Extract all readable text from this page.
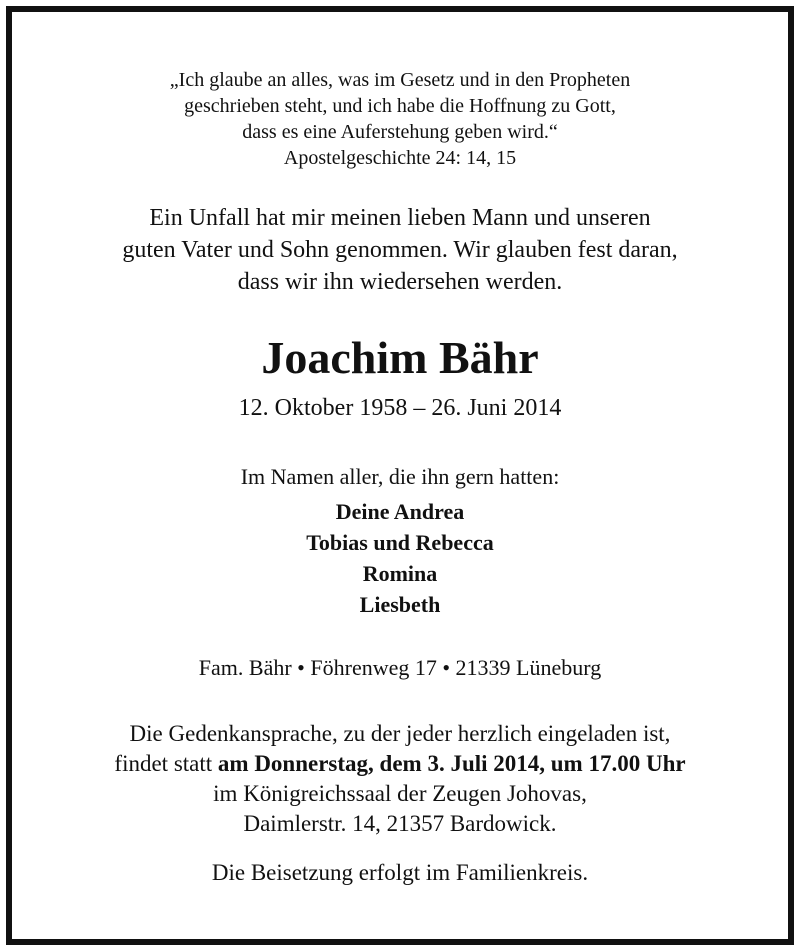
„Ich glaube an alles, was im Gesetz und in den Propheten
geschrieben steht, und ich habe die Hoffnung zu Gott,
dass es eine Auferstehung geben wird.“
Apostelgeschichte 24: 14, 15
Ein Unfall hat mir meinen lieben Mann und unseren
guten Vater und Sohn genommen. Wir glauben fest daran,
dass wir ihn wiedersehen werden.
Joachim Bähr
12. Oktober 1958 – 26. Juni 2014
Im Namen aller, die ihn gern hatten:
Deine Andrea
Tobias und Rebecca
Romina
Liesbeth
Fam. Bähr • Föhrenweg 17 • 21339 Lüneburg
Die Gedenkansprache, zu der jeder herzlich eingeladen ist,
findet statt am Donnerstag, dem 3. Juli 2014, um 17.00 Uhr
im Königreichssaal der Zeugen Johovas,
Daimlerstr. 14, 21357 Bardowick.
Die Beisetzung erfolgt im Familienkreis.
